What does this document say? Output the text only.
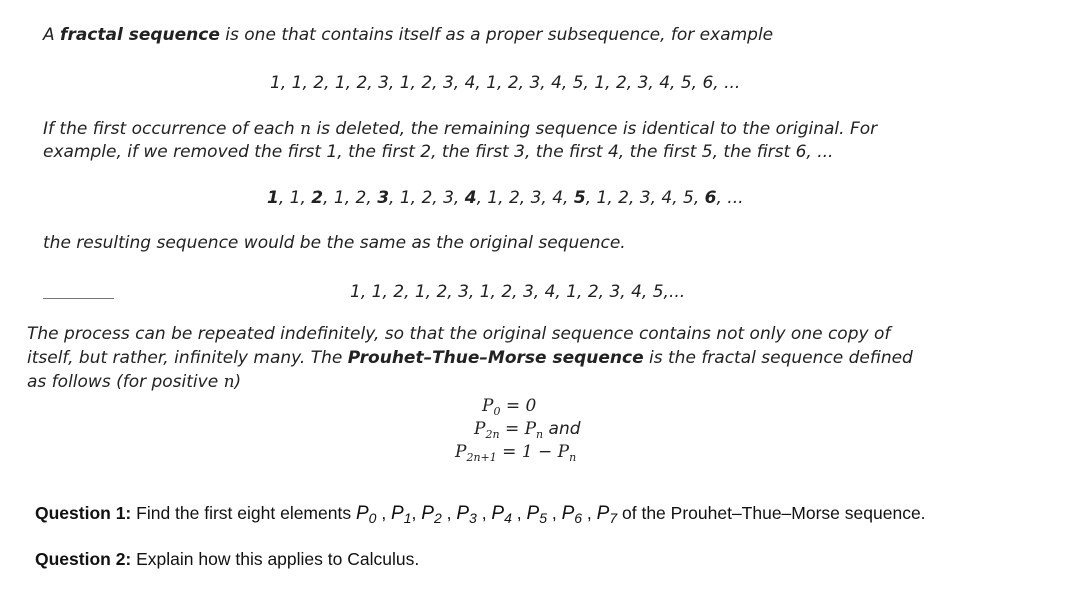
A fractal sequence is one that contains itself as a proper subsequence, for example
1, 1, 2, 1, 2, 3, 1, 2, 3, 4, 1, 2, 3, 4, 5, 1, 2, 3, 4, 5, 6, ...
If the first occurrence of each n is deleted, the remaining sequence is identical to the original. For
example, if we removed the first 1, the first 2, the first 3, the first 4, the first 5, the first 6, ...
1, 1, 2, 1, 2, 3, 1, 2, 3, 4, 1, 2, 3, 4, 5, 1, 2, 3, 4, 5, 6, ...
the resulting sequence would be the same as the original sequence.
1, 1, 2, 1, 2, 3, 1, 2, 3, 4, 1, 2, 3, 4, 5,...
The process can be repeated indefinitely, so that the original sequence contains not only one copy of
itself, but rather, infinitely many. The Prouhet–Thue–Morse sequence is the fractal sequence defined
as follows (for positive n)
$P_0 = 0$
$P_{2n} = P_n$ and
$P_{2n+1} = 1 - P_n$
Question 1: Find the first eight elements $P_0$ , $P_1$, $P_2$ , $P_3$ , $P_4$ , $P_5$ , $P_6$ , $P_7$ of the Prouhet–Thue–Morse sequence.
Question 2: Explain how this applies to Calculus.
